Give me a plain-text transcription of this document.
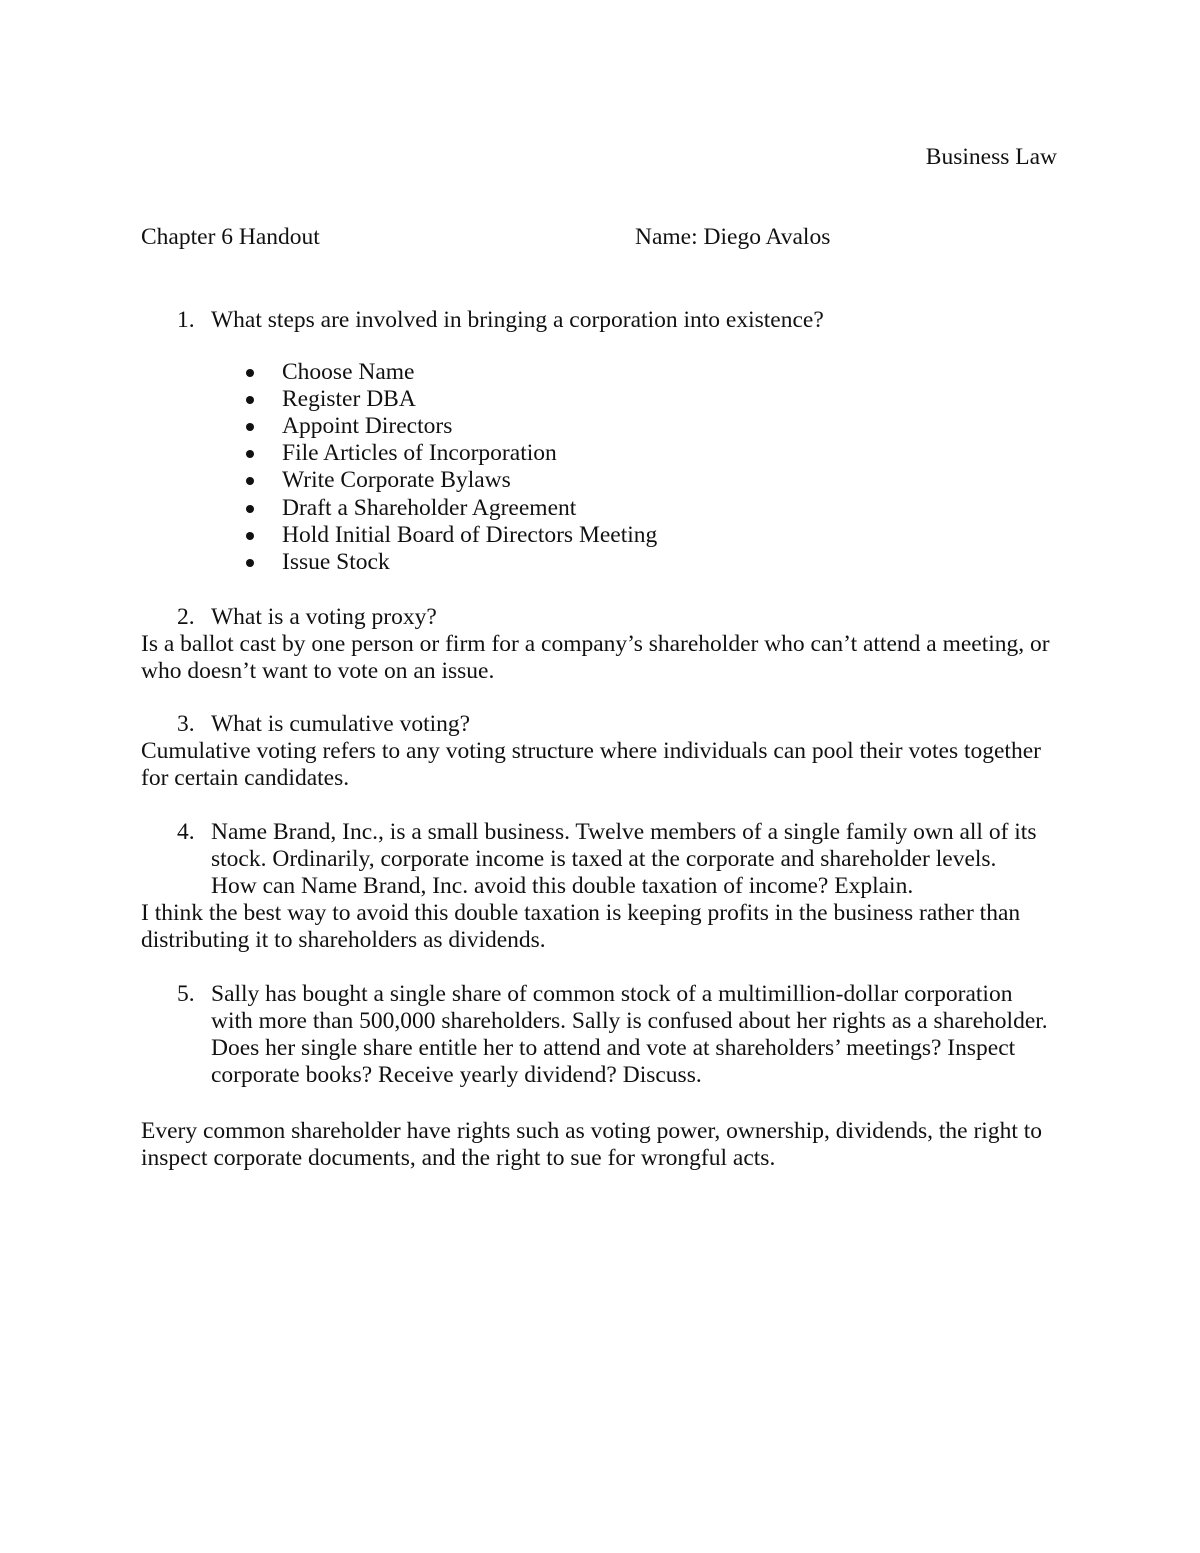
Business Law
Chapter 6 Handout	Name: Diego Avalos
1. What steps are involved in bringing a corporation into existence?
Choose Name
Register DBA
Appoint Directors
File Articles of Incorporation
Write Corporate Bylaws
Draft a Shareholder Agreement
Hold Initial Board of Directors Meeting
Issue Stock
2. What is a voting proxy?
Is a ballot cast by one person or firm for a company’s shareholder who can’t attend a meeting, or
who doesn’t want to vote on an issue.
3. What is cumulative voting?
Cumulative voting refers to any voting structure where individuals can pool their votes together
for certain candidates.
4. Name Brand, Inc., is a small business. Twelve members of a single family own all of its
stock. Ordinarily, corporate income is taxed at the corporate and shareholder levels.
How can Name Brand, Inc. avoid this double taxation of income? Explain.
I think the best way to avoid this double taxation is keeping profits in the business rather than
distributing it to shareholders as dividends.
5. Sally has bought a single share of common stock of a multimillion-dollar corporation
with more than 500,000 shareholders. Sally is confused about her rights as a shareholder.
Does her single share entitle her to attend and vote at shareholders’ meetings? Inspect
corporate books? Receive yearly dividend? Discuss.
Every common shareholder have rights such as voting power, ownership, dividends, the right to
inspect corporate documents, and the right to sue for wrongful acts.
